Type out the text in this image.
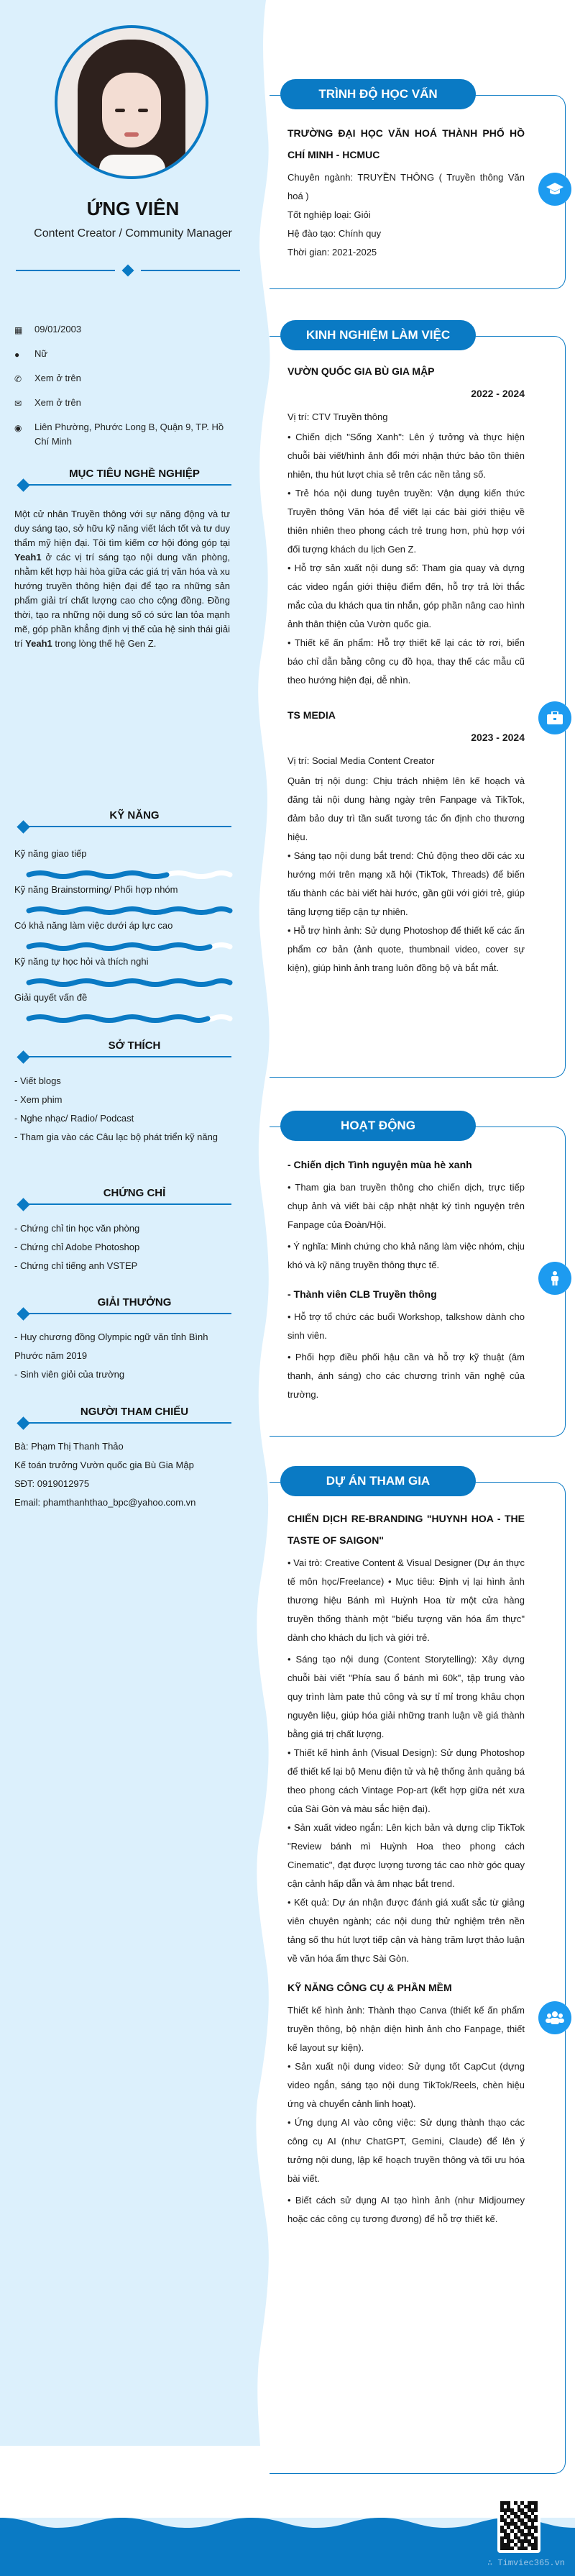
∴ Timviec365.vn
ỨNG VIÊN
Content Creator / Community Manager
▦	09/01/2003
●	Nữ
✆	Xem ở trên
✉	Xem ở trên
◉	Liên Phường, Phước Long B, Quận 9, TP. Hồ Chí Minh
MỤC TIÊU NGHỀ NGHIỆP
Một cử nhân Truyền thông với sự năng động và tư duy sáng tạo, sở hữu kỹ năng viết lách tốt và tư duy thẩm mỹ hiện đại. Tôi tìm kiếm cơ hội đóng góp tại Yeah1 ở các vị trí sáng tạo nội dung văn phòng, nhằm kết hợp hài hòa giữa các giá trị văn hóa và xu hướng truyền thông hiện đại để tạo ra những sản phẩm giải trí chất lượng cao cho cộng đồng. Đồng thời, tạo ra những nội dung số có sức lan tỏa mạnh mẽ, góp phần khẳng định vị thế của hệ sinh thái giải trí Yeah1 trong lòng thế hệ Gen Z.
KỸ NĂNG
Kỹ năng giao tiếp
Kỹ năng Brainstorming/ Phối hợp nhóm
Có khả năng làm việc dưới áp lực cao
Kỹ năng tự học hỏi và thích nghi
Giải quyết vấn đề
SỞ THÍCH
- Viết blogs
- Xem phim
- Nghe nhạc/ Radio/ Podcast
- Tham gia vào các Câu lạc bộ phát triển kỹ năng
CHỨNG CHỈ
- Chứng chỉ tin học văn phòng
- Chứng chỉ Adobe Photoshop
- Chứng chỉ tiếng anh VSTEP
GIẢI THƯỞNG
- Huy chương đồng Olympic ngữ văn tỉnh Bình Phước năm 2019
- Sinh viên giỏi của trường
NGƯỜI THAM CHIẾU
Bà: Phạm Thị Thanh Thảo
Kế toán trưởng Vườn quốc gia Bù Gia Mập
SĐT: 0919012975
Email: phamthanhthao_bpc@yahoo.com.vn
TRÌNH ĐỘ HỌC VẤN
TRƯỜNG ĐẠI HỌC VĂN HOÁ THÀNH PHỐ HỒ CHÍ MINH - HCMUC

Chuyên ngành: TRUYỀN THÔNG ( Truyền thông Văn hoá )

Tốt nghiệp loại: Giỏi

Hệ đào tạo: Chính quy

Thời gian: 2021-2025

KINH NGHIỆM LÀM VIỆC
VƯỜN QUỐC GIA BÙ GIA MẬP
2022 - 2024

Vị trí: CTV Truyền thông

• Chiến dịch "Sống Xanh": Lên ý tưởng và thực hiện chuỗi bài viết/hình ảnh đổi mới nhận thức bảo tồn thiên nhiên, thu hút lượt chia sẻ trên các nền tảng số.

• Trẻ hóa nội dung tuyên truyền: Vận dụng kiến thức Truyền thông Văn hóa để viết lại các bài giới thiệu về thiên nhiên theo phong cách trẻ trung hơn, phù hợp với đối tượng khách du lịch Gen Z.

• Hỗ trợ sản xuất nội dung số: Tham gia quay và dựng các video ngắn giới thiệu điểm đến, hỗ trợ trả lời thắc mắc của du khách qua tin nhắn, góp phần nâng cao hình ảnh thân thiện của Vườn quốc gia.

• Thiết kế ấn phẩm: Hỗ trợ thiết kế lại các tờ rơi, biển báo chỉ dẫn bằng công cụ đồ họa, thay thế các mẫu cũ theo hướng hiện đại, dễ nhìn.

TS MEDIA
2023 - 2024

Vị trí: Social Media Content Creator

Quản trị nội dung: Chịu trách nhiệm lên kế hoạch và đăng tải nội dung hàng ngày trên Fanpage và TikTok, đảm bảo duy trì tần suất tương tác ổn định cho thương hiệu.

• Sáng tạo nội dung bắt trend: Chủ động theo dõi các xu hướng mới trên mạng xã hội (TikTok, Threads) để biến tấu thành các bài viết hài hước, gần gũi với giới trẻ, giúp tăng lượng tiếp cận tự nhiên.

• Hỗ trợ hình ảnh: Sử dụng Photoshop để thiết kế các ấn phẩm cơ bản (ảnh quote, thumbnail video, cover sự kiện), giúp hình ảnh trang luôn đồng bộ và bắt mắt.

HOẠT ĐỘNG
- Chiến dịch Tình nguyện mùa hè xanh

• Tham gia ban truyền thông cho chiến dịch, trực tiếp chụp ảnh và viết bài cập nhật nhật ký tình nguyện trên Fanpage của Đoàn/Hội.

• Ý nghĩa: Minh chứng cho khả năng làm việc nhóm, chịu khó và kỹ năng truyền thông thực tế.

- Thành viên CLB Truyền thông

• Hỗ trợ tổ chức các buổi Workshop, talkshow dành cho sinh viên.

• Phối hợp điều phối hậu cần và hỗ trợ kỹ thuật (âm thanh, ánh sáng) cho các chương trình văn nghệ của trường.

DỰ ÁN THAM GIA
CHIẾN DỊCH RE-BRANDING "HUYNH HOA - THE TASTE OF SAIGON"

• Vai trò: Creative Content & Visual Designer (Dự án thực tế môn học/Freelance) • Mục tiêu: Định vị lại hình ảnh thương hiệu Bánh mì Huỳnh Hoa từ một cửa hàng truyền thống thành một "biểu tượng văn hóa ẩm thực" dành cho khách du lịch và giới trẻ.

• Sáng tạo nội dung (Content Storytelling): Xây dựng chuỗi bài viết "Phía sau ổ bánh mì 60k", tập trung vào quy trình làm pate thủ công và sự tỉ mỉ trong khâu chọn nguyên liệu, giúp hóa giải những tranh luận về giá thành bằng giá trị chất lượng.

• Thiết kế hình ảnh (Visual Design): Sử dụng Photoshop để thiết kế lại bộ Menu điện tử và hệ thống ảnh quảng bá theo phong cách Vintage Pop-art (kết hợp giữa nét xưa của Sài Gòn và màu sắc hiện đại).

• Sản xuất video ngắn: Lên kịch bản và dựng clip TikTok "Review bánh mì Huỳnh Hoa theo phong cách Cinematic", đạt được lượng tương tác cao nhờ góc quay cận cảnh hấp dẫn và âm nhạc bắt trend.

• Kết quả: Dự án nhận được đánh giá xuất sắc từ giảng viên chuyên ngành; các nội dung thử nghiệm trên nền tảng số thu hút lượt tiếp cận và hàng trăm lượt thảo luận về văn hóa ẩm thực Sài Gòn.

KỸ NĂNG CÔNG CỤ & PHẦN MỀM

Thiết kế hình ảnh: Thành thạo Canva (thiết kế ấn phẩm truyền thông, bộ nhận diện hình ảnh cho Fanpage, thiết kế layout sự kiện).

• Sản xuất nội dung video: Sử dụng tốt CapCut (dựng video ngắn, sáng tạo nội dung TikTok/Reels, chèn hiệu ứng và chuyển cảnh linh hoạt).

• Ứng dụng AI vào công việc: Sử dụng thành thạo các công cụ AI (như ChatGPT, Gemini, Claude) để lên ý tưởng nội dung, lập kế hoạch truyền thông và tối ưu hóa bài viết.

• Biết cách sử dụng AI tạo hình ảnh (như Midjourney hoặc các công cụ tương đương) để hỗ trợ thiết kế.
